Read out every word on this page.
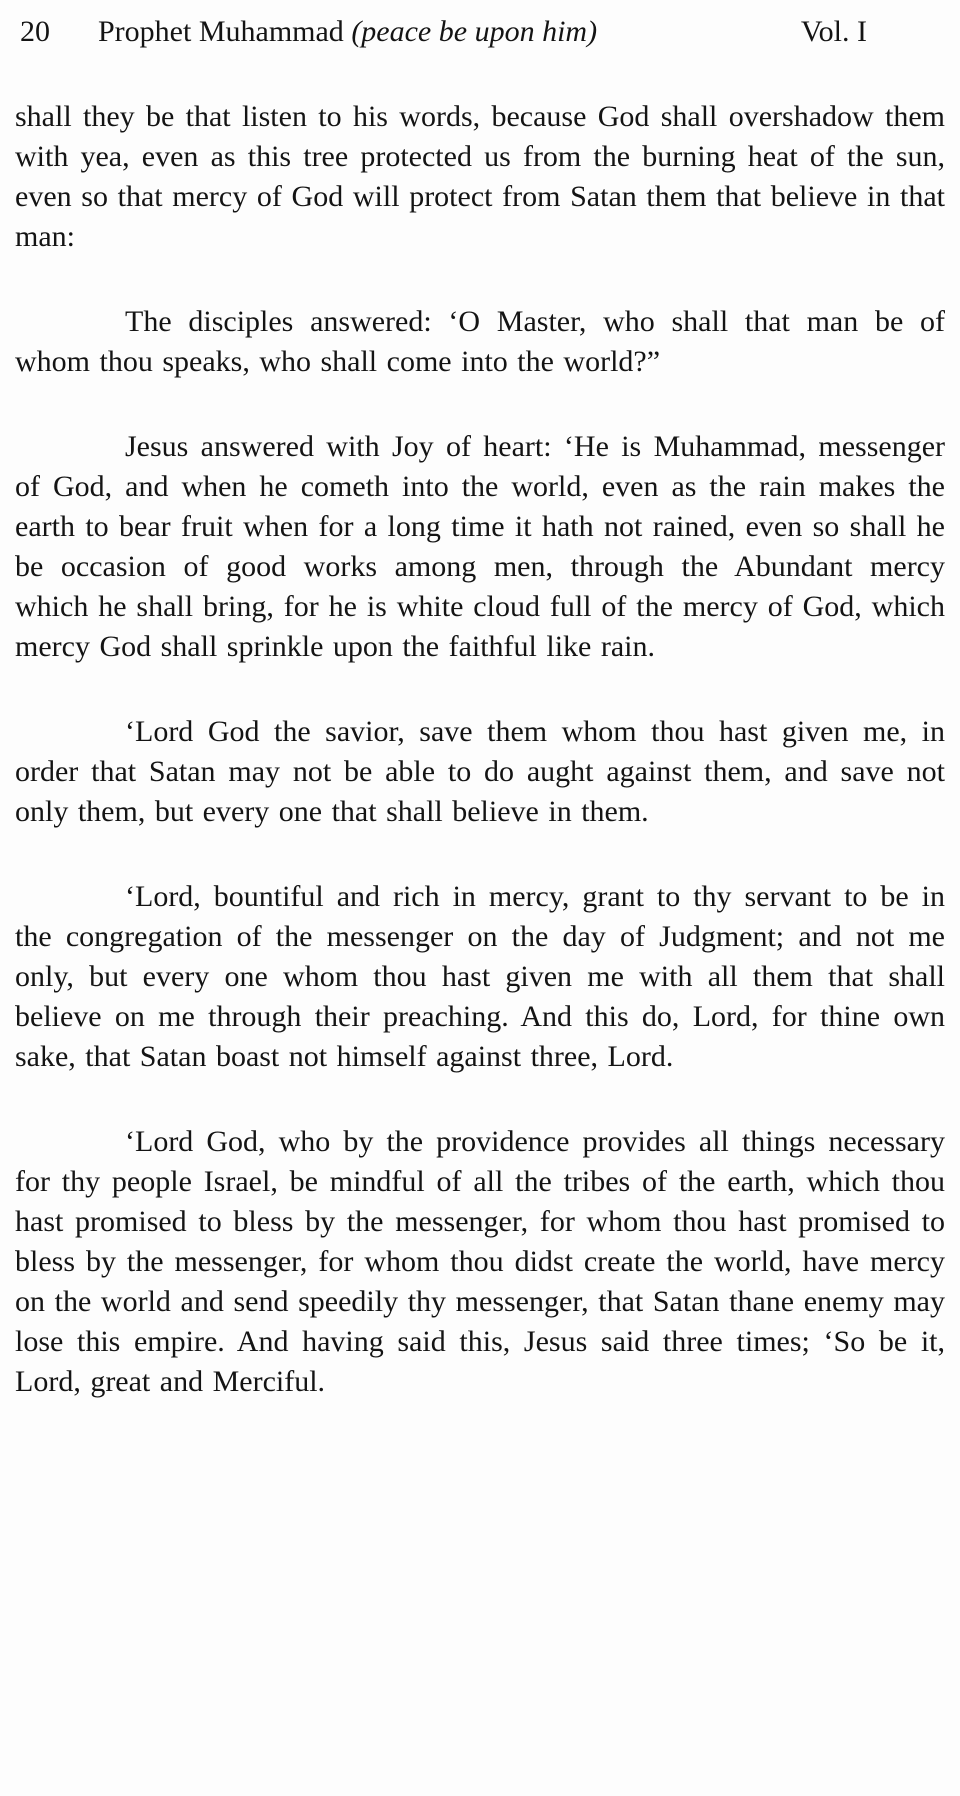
20 Prophet Muhammad (peace be upon him)	Vol. I

shall they be that listen to his words, because God shall overshadow them with yea, even as this tree protected us from the burning heat of the sun, even so that mercy of God will protect from Satan them that believe in that man:

The disciples answered: ‘O Master, who shall that man be of whom thou speaks, who shall come into the world?”

Jesus answered with Joy of heart: ‘He is Muhammad, messenger of God, and when he cometh into the world, even as the rain makes the earth to bear fruit when for a long time it hath not rained, even so shall he be occasion of good works among men, through the Abundant mercy which he shall bring, for he is white cloud full of the mercy of God, which mercy God shall sprinkle upon the faithful like rain.

‘Lord God the savior, save them whom thou hast given me, in order that Satan may not be able to do aught against them, and save not only them, but every one that shall believe in them.

‘Lord, bountiful and rich in mercy, grant to thy servant to be in the congregation of the messenger on the day of Judgment; and not me only, but every one whom thou hast given me with all them that shall believe on me through their preaching. And this do, Lord, for thine own sake, that Satan boast not himself against three, Lord.

‘Lord God, who by the providence provides all things necessary for thy people Israel, be mindful of all the tribes of the earth, which thou hast promised to bless by the messenger, for whom thou hast promised to bless by the messenger, for whom thou didst create the world, have mercy on the world and send speedily thy messenger, that Satan thane enemy may lose this empire. And having said this, Jesus said three times; ‘So be it, Lord, great and Merciful.
